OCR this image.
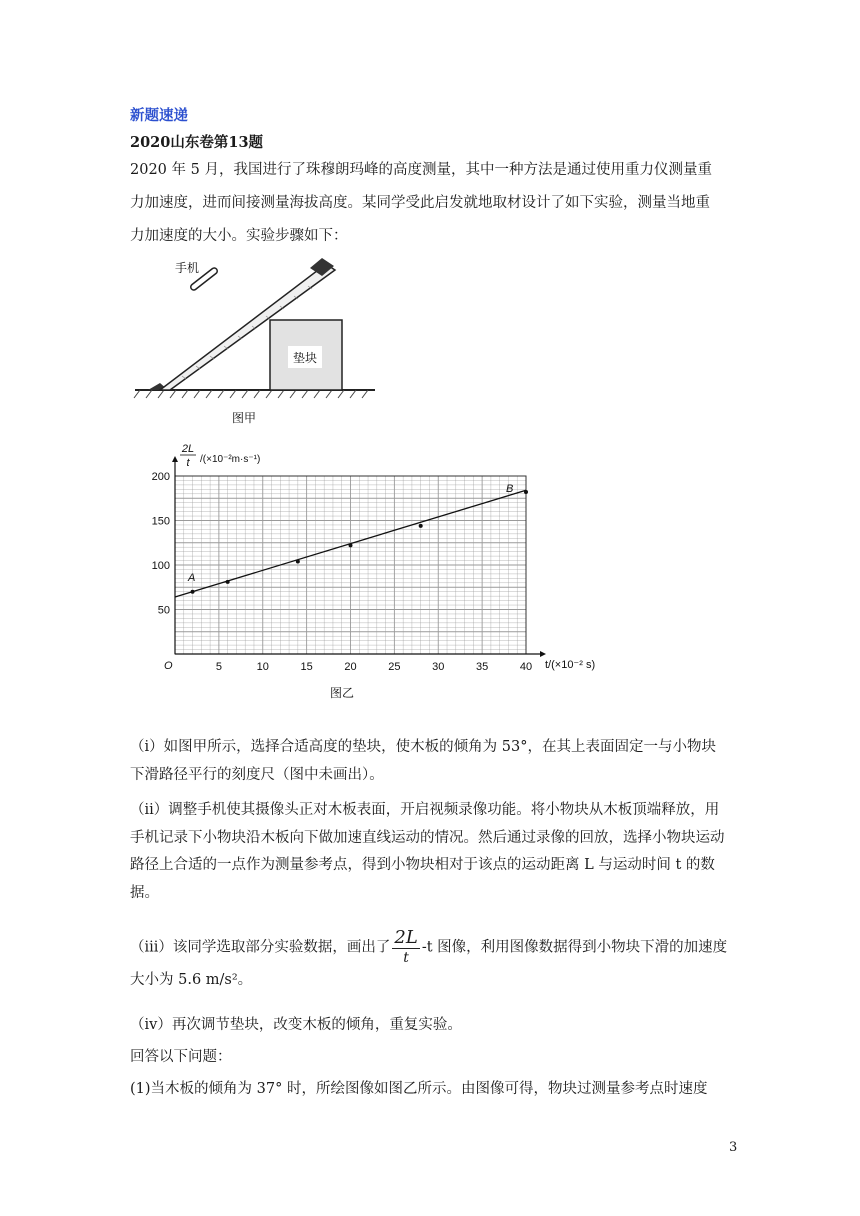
新题速递
2020山东卷第13题
2020 年 5 月，我国进行了珠穆朗玛峰的高度测量，其中一种方法是通过使用重力仪测量重
力加速度，进而间接测量海拔高度。某同学受此启发就地取材设计了如下实验，测量当地重
力加速度的大小。实验步骤如下：
垫块
手机
图甲
5	10	15	20	25	30	35	40
50
100
150
200
2L
t /(×10⁻²m·s⁻¹)
t/(×10⁻² s)
O
A
B
图乙
（i）如图甲所示，选择合适高度的垫块，使木板的倾角为 53°，在其上表面固定一与小物块下滑路径平行的刻度尺（图中未画出）。
（ii）调整手机使其摄像头正对木板表面，开启视频录像功能。将小物块从木板顶端释放，用手机记录下小物块沿木板向下做加速直线运动的情况。然后通过录像的回放，选择小物块运动路径上合适的一点作为测量参考点，得到小物块相对于该点的运动距离 L 与运动时间 t 的数据。
（iii）该同学选取部分实验数据，画出了 $\frac{2L}{t} -t$ 图像，利用图像数据得到小物块下滑的加速度大小为 5.6 m/s²。
（iv）再次调节垫块，改变木板的倾角，重复实验。
回答以下问题：
(1)当木板的倾角为 37° 时，所绘图像如图乙所示。由图像可得，物块过测量参考点时速度
3
